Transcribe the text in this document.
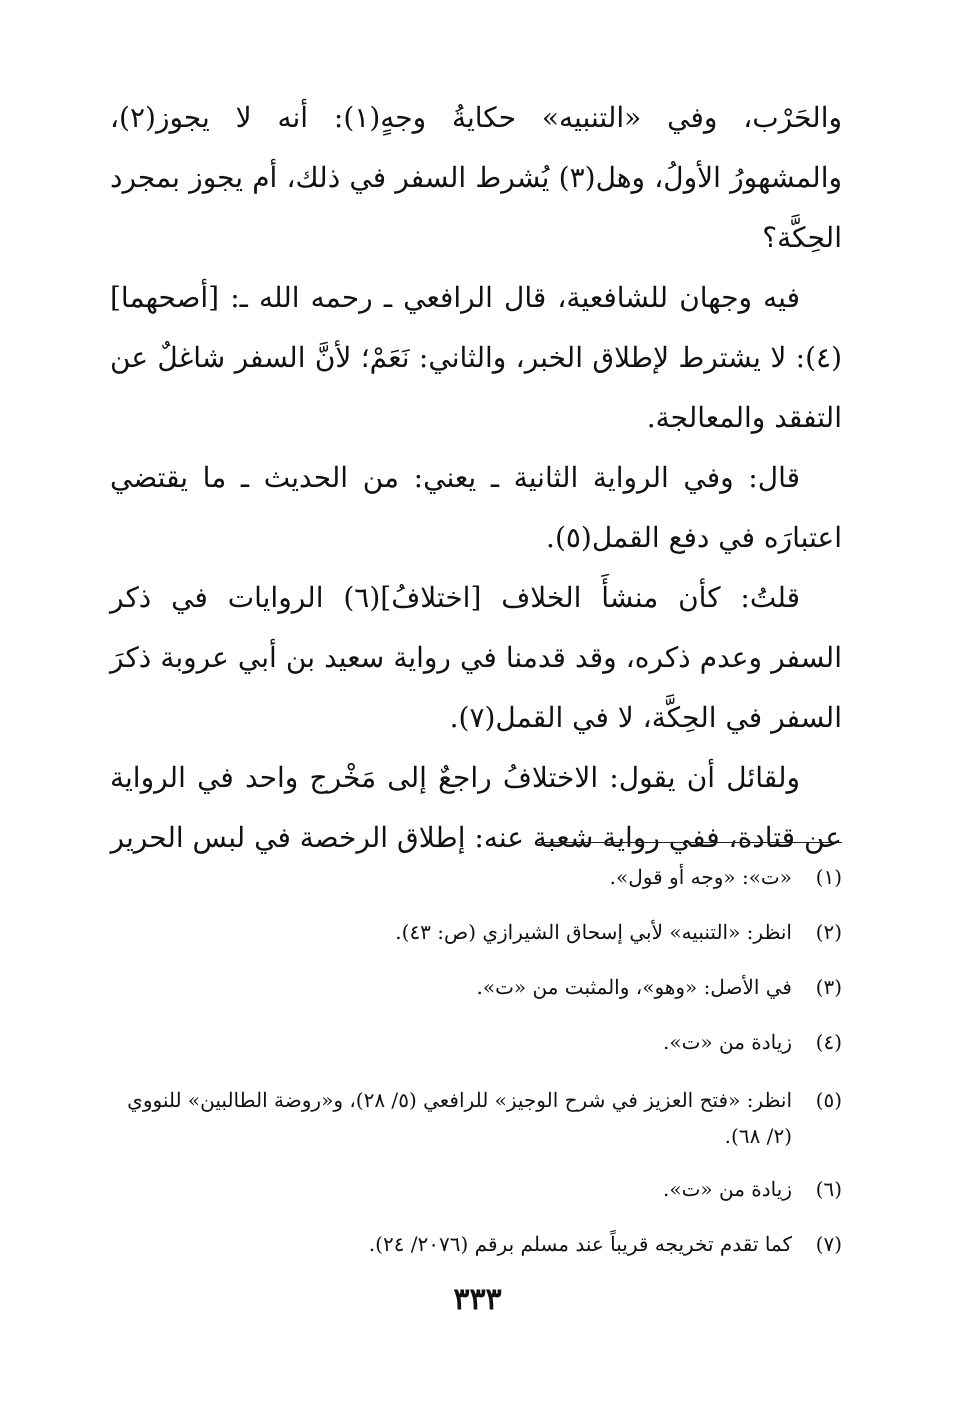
والحَرْب، وفي «التنبيه» حكايةُ وجهٍ(١): أنه لا يجوز(٢)، والمشهورُ الأولُ، وهل(٣) يُشرط السفر في ذلك، أم يجوز بمجرد الحِكَّة؟

فيه وجهان للشافعية، قال الرافعي ـ رحمه الله ـ: [أصحهما](٤): لا يشترط لإطلاق الخبر، والثاني: نَعَمْ؛ لأنَّ السفر شاغلٌ عن التفقد والمعالجة.

قال: وفي الرواية الثانية ـ يعني: من الحديث ـ ما يقتضي اعتبارَه في دفع القمل(٥).

قلتُ: كأن منشأَ الخلاف [اختلافُ](٦) الروايات في ذكر السفر وعدم ذكره، وقد قدمنا في رواية سعيد بن أبي عروبة ذكرَ السفر في الحِكَّة، لا في القمل(٧).

ولقائل أن يقول: الاختلافُ راجعٌ إلى مَخْرج واحد في الرواية عن قتادة، ففي رواية شعبة عنه: إطلاق الرخصة في لبس الحرير

(١)
«ت»: «وجه أو قول».
(٢)
انظر: «التنبيه» لأبي إسحاق الشيرازي (ص: ٤٣).
(٣)
في الأصل: «وهو»، والمثبت من «ت».
(٤)
زيادة من «ت».
(٥)
انظر: «فتح العزيز في شرح الوجيز» للرافعي (٥/ ٢٨)، و«روضة الطالبين» للنووي (٢/ ٦٨).
(٦)
زيادة من «ت».
(٧)
كما تقدم تخريجه قريباً عند مسلم برقم (٢٠٧٦/ ٢٤).
٣٣٣
